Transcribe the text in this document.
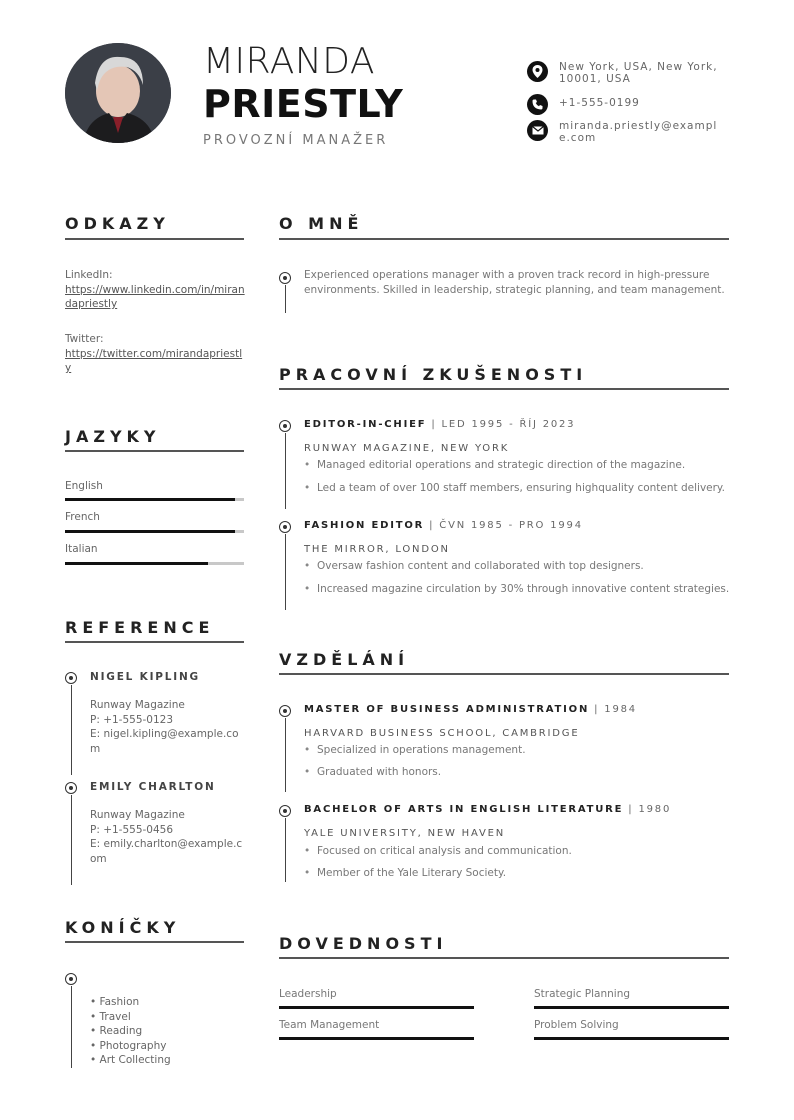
MIRANDA
PRIESTLY
PROVOZNÍ MANAŽER
New York, USA, New York, 10001, USA
+1-555-0199
miranda.priestly@example.com
ODKAZY
LinkedIn:
https://www.linkedin.com/in/mirandapriestly
Twitter:
https://twitter.com/mirandapriestly
JAZYKY
English
French
Italian
REFERENCE
NIGEL KIPLING
Runway Magazine
P: +1-555-0123
E: nigel.kipling@example.com
EMILY CHARLTON
Runway Magazine
P: +1-555-0456
E: emily.charlton@example.com
KONÍČKY
• Fashion
• Travel
• Reading
• Photography
• Art Collecting
O MNĚ
Experienced operations manager with a proven track record in high-pressure environments. Skilled in leadership, strategic planning, and team management.
PRACOVNÍ ZKUŠENOSTI
EDITOR-IN-CHIEF | LED 1995 - ŘÍJ 2023
RUNWAY MAGAZINE, NEW YORK
• Managed editorial operations and strategic direction of the magazine.
• Led a team of over 100 staff members, ensuring highquality content delivery.
FASHION EDITOR | ČVN 1985 - PRO 1994
THE MIRROR, LONDON
• Oversaw fashion content and collaborated with top designers.
• Increased magazine circulation by 30% through innovative content strategies.
VZDĚLÁNÍ
MASTER OF BUSINESS ADMINISTRATION | 1984
HARVARD BUSINESS SCHOOL, CAMBRIDGE
• Specialized in operations management.
• Graduated with honors.
BACHELOR OF ARTS IN ENGLISH LITERATURE | 1980
YALE UNIVERSITY, NEW HAVEN
• Focused on critical analysis and communication.
• Member of the Yale Literary Society.
DOVEDNOSTI
Leadership	Strategic Planning
Team Management	Problem Solving
